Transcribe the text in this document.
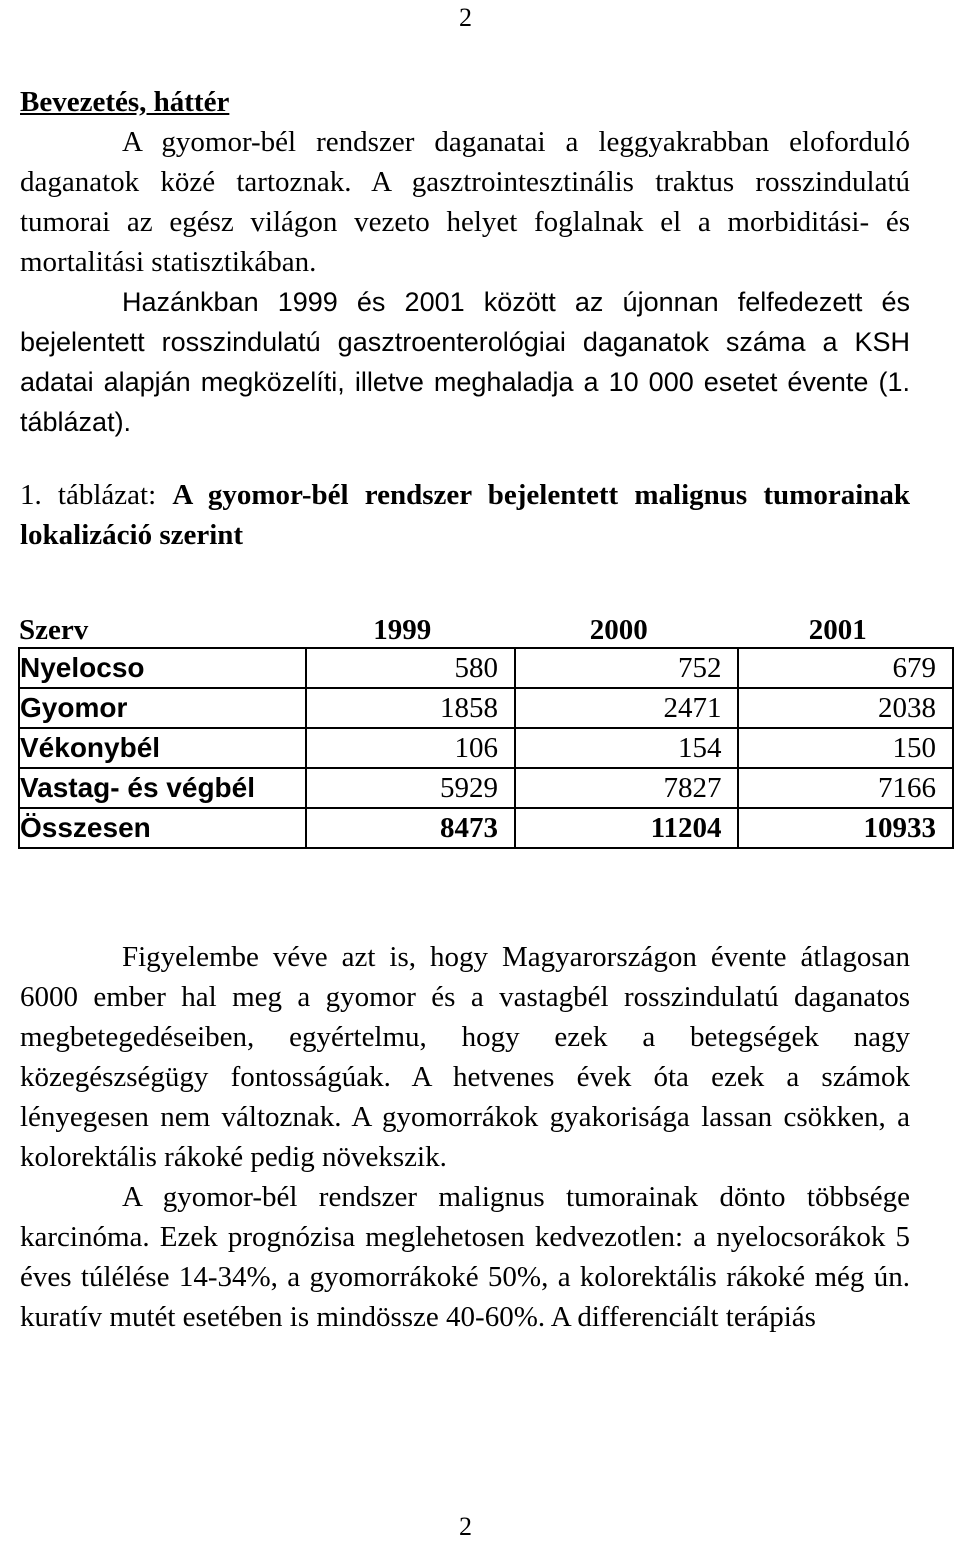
2
Bevezetés, háttér

A gyomor-bél rendszer daganatai a leggyakrabban eloforduló daganatok közé tartoznak. A gasztrointesztinális traktus rosszindulatú tumorai az egész világon vezeto helyet foglalnak el a morbiditási- és mortalitási statisztikában.

Hazánkban 1999 és 2001 között az újonnan felfedezett és bejelentett rosszindulatú gasztroenterológiai daganatok száma a KSH adatai alapján megközelíti, illetve meghaladja a 10 000 esetet évente (1. táblázat).

1. táblázat: A gyomor-bél rendszer bejelentett malignus tumorainak lokalizáció szerint
Szerv	1999	2000	2001
Nyelocso	580	752	679
Gyomor	1858	2471	2038
Vékonybél	106	154	150
Vastag- és végbél	5929	7827	7166
Összesen	8473	11204	10933

Figyelembe véve azt is, hogy Magyarországon évente átlagosan 6000 ember hal meg a gyomor és a vastagbél rosszindulatú daganatos megbetegedéseiben, egyértelmu, hogy ezek a betegségek nagy közegészségügy fontosságúak. A hetvenes évek óta ezek a számok lényegesen nem változnak. A gyomorrákok gyakorisága lassan csökken, a kolorektális rákoké pedig növekszik.

A gyomor-bél rendszer malignus tumorainak dönto többsége karcinóma. Ezek prognózisa meglehetosen kedvezotlen: a nyelocsorákok 5 éves túlélése 14-34%, a gyomorrákoké 50%, a kolorektális rákoké még ún. kuratív mutét esetében is mindössze 40-60%. A differenciált terápiás

2
